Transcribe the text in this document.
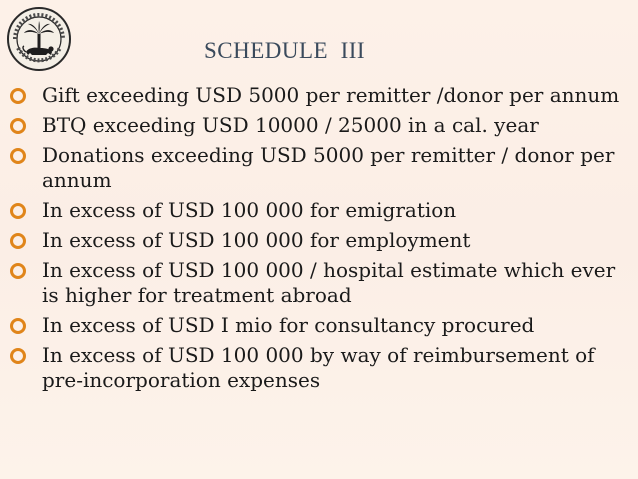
SCHEDULE  III
Gift exceeding USD 5000 per remitter /donor per annum
BTQ exceeding USD 10000 / 25000 in a cal. year
Donations exceeding USD 5000 per remitter / donor per annum
In excess of USD 100 000 for emigration
In excess of USD 100 000 for employment
In excess of USD 100 000 / hospital estimate which ever is higher for treatment abroad
In excess of USD I mio for consultancy procured
In excess of USD 100 000 by way of reimbursement of pre-incorporation expenses
